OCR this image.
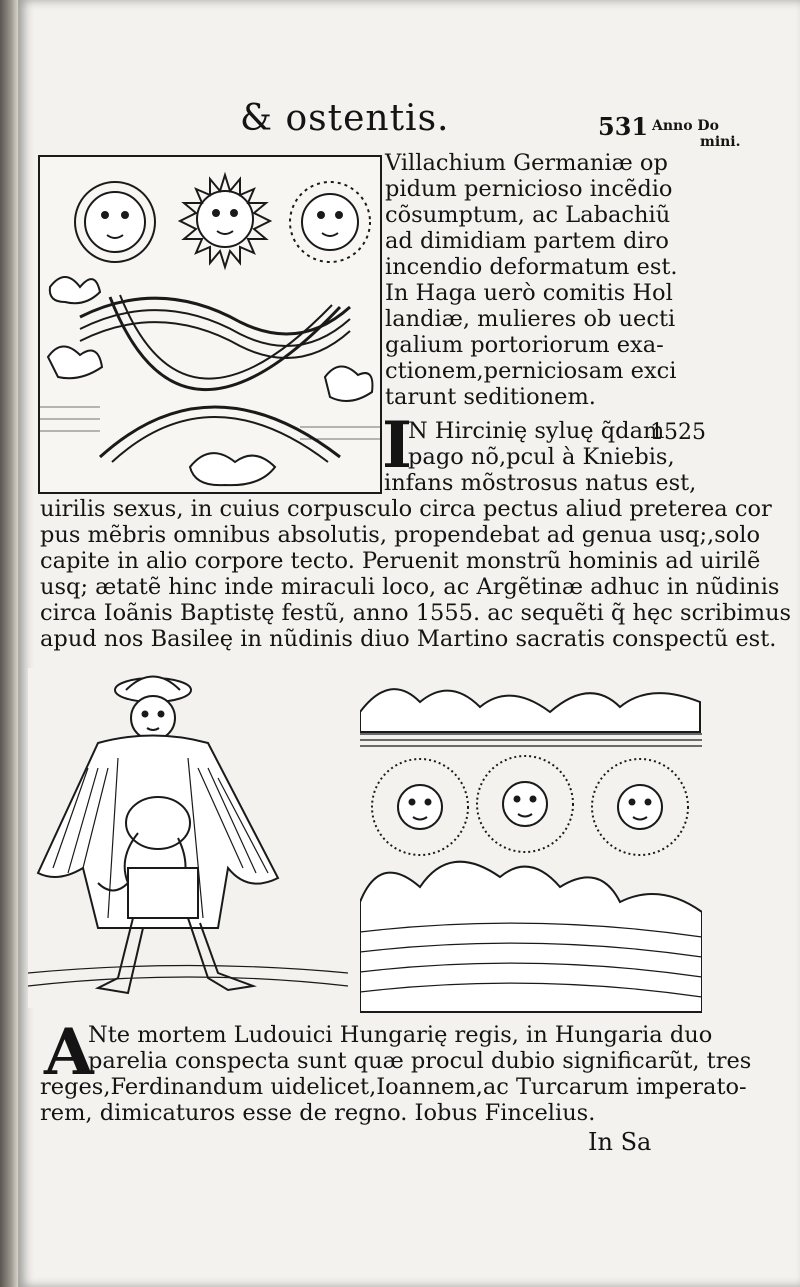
& ostentis.	531 Anno Do
mini.
Villachium Germaniæ op
pidum pernicioso incẽdio
cõsumptum, ac Labachiũ
ad dimidiam partem diro
incendio deformatum est.
In Haga uerò comitis Hol
landiæ, mulieres ob uecti
galium portoriorum exa-
ctionem,perniciosam exci
tarunt seditionem.
1525
I
N Hircinię syluę q̃dam
pago nõ,pcul à Kniebis,
infans mõstrosus natus est,
uirilis sexus, in cuius corpusculo circa pectus aliud preterea cor
pus mẽbris omnibus absolutis, propendebat ad genua usq;,solo
capite in alio corpore tecto. Peruenit monstrũ hominis ad uirilẽ
usq; ætatẽ hinc inde miraculi loco, ac Argẽtinæ adhuc in nũdinis
circa Ioãnis Baptistę festũ, anno 1555. ac sequẽti q̃ hęc scribimus
apud nos Basileę in nũdinis diuo Martino sacratis conspectũ est.
A
Nte mortem Ludouici Hungarię regis, in Hungaria duo
parelia conspecta sunt quæ procul dubio significarũt, tres
reges,Ferdinandum uidelicet,Ioannem,ac Turcarum imperato-
rem, dimicaturos esse de regno. Iobus Fincelius.
In Sa
